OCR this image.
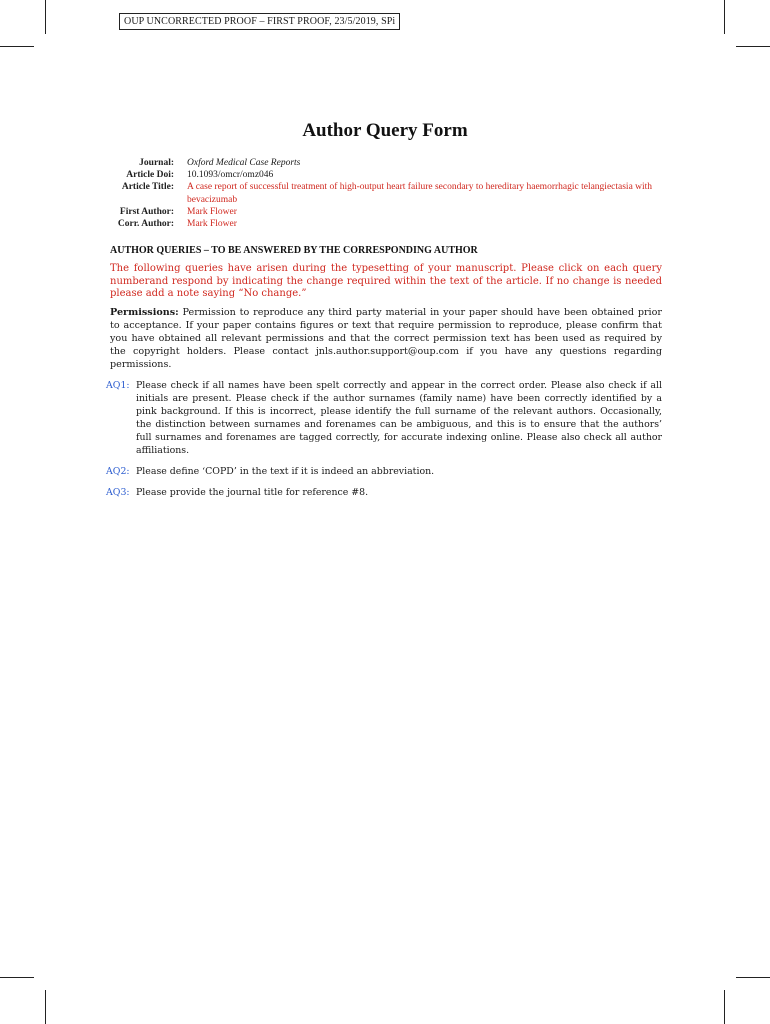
OUP UNCORRECTED PROOF – FIRST PROOF, 23/5/2019, SPi
Author Query Form
Journal: Oxford Medical Case Reports
Article Doi: 10.1093/omcr/omz046
Article Title: A case report of successful treatment of high-output heart failure secondary to hereditary haemorrhagic telangiectasia with bevacizumab
First Author: Mark Flower
Corr. Author: Mark Flower
AUTHOR QUERIES – TO BE ANSWERED BY THE CORRESPONDING AUTHOR
The following queries have arisen during the typesetting of your manuscript. Please click on each query numberand respond by indicating the change required within the text of the article. If no change is needed please add a note saying “No change.”
Permissions: Permission to reproduce any third party material in your paper should have been obtained prior to acceptance. If your paper contains figures or text that require permission to reproduce, please confirm that you have obtained all relevant permissions and that the correct permission text has been used as required by the copyright holders. Please contact jnls.author.support@oup.com if you have any questions regarding permissions.
AQ1: Please check if all names have been spelt correctly and appear in the correct order. Please also check if all initials are present. Please check if the author surnames (family name) have been correctly identified by a pink background. If this is incorrect, please identify the full surname of the relevant authors. Occasionally, the distinction between surnames and forenames can be ambiguous, and this is to ensure that the authors’ full surnames and forenames are tagged correctly, for accurate indexing online. Please also check all author affiliations.
AQ2: Please define ‘COPD’ in the text if it is indeed an abbreviation.
AQ3: Please provide the journal title for reference #8.
